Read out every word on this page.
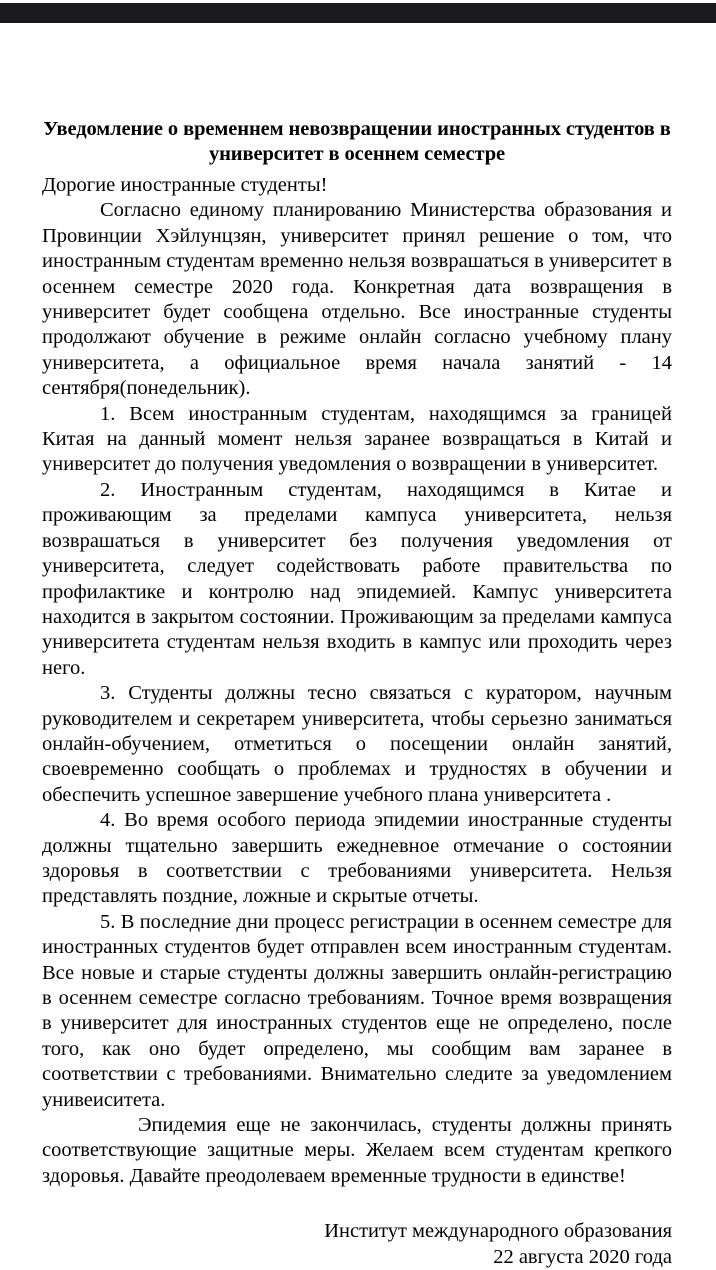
Уведомление о временнем невозвращении иностранных студентов в университет в осеннем семестре

Дорогие иностранные студенты!

Согласно единому планированию Министерства образования и Провинции Хэйлунцзян, университет принял решение о том, что иностранным студентам временно нельзя возврашаться в университет в осеннем семестре 2020 года. Конкретная дата возвращения в университет будет сообщена отдельно. Все иностранные студенты продолжают обучение в режиме онлайн согласно учебному плану университета, а официальное время начала занятий - 14 сентября(понедельник).

1. Всем иностранным студентам, находящимся за границей Китая на данный момент нельзя заранее возвращаться в Китай и университет до получения уведомления о возвращении в университет.

2. Иностранным студентам, находящимся в Китае и проживающим за пределами кампуса университета, нельзя возврашаться в университет без получения уведомления от университета, следует содействовать работе правительства по профилактике и контролю над эпидемией. Кампус университета находится в закрытом состоянии. Проживающим за пределами кампуса университета студентам нельзя входить в кампус или проходить через него.

3. Студенты должны тесно связаться с куратором, научным руководителем и секретарем университета, чтобы серьезно заниматься онлайн-обучением, отметиться о посещении онлайн занятий, своевременно сообщать о проблемах и трудностях в обучении и обеспечить успешное завершение учебного плана университета .

4. Во время особого периода эпидемии иностранные студенты должны тщательно завершить ежедневное отмечание о состоянии здоровья в соответствии с требованиями университета. Нельзя представлять поздние, ложные и скрытые отчеты.

5. В последние дни процесс регистрации в осеннем семестре для иностранных студентов будет отправлен всем иностранным студентам. Все новые и старые студенты должны завершить онлайн-регистрацию в осеннем семестре согласно требованиям. Точное время возвращения в университет для иностранных студентов еще не определено, после того, как оно будет определено, мы сообщим вам заранее в соответствии с требованиями. Внимательно следите за уведомлением унивеиситета.

Эпидемия еще не закончилась, студенты должны принять соответствующие защитные меры. Желаем всем студентам крепкого здоровья. Давайте преодолеваем временные трудности в единстве!

Институт международного образования
22 августа 2020 года
